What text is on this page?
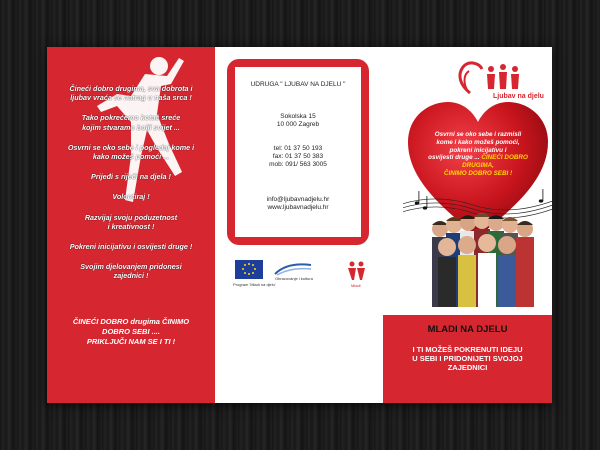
Čineći dobro drugima, sva dobrota i
ljubav vraća se natrag u naša srca !

Tako pokrećemo kotač sreće
kojim stvaramo bolji svijet ...

Osvrni se oko sebe i pogledaj kome i
kako možeš pomoći ...

Prijeđi s riječi na djela !

Volontiraj !

Razvijaj svoju poduzetnost
i kreativnost !

Pokreni inicijativu i osvijesti druge !

Svojim djelovanjem pridonesi
zajednici !

ČINEĆI DOBRO drugima ČINIMO

DOBRO SEBI ....

PRIKLJUČI NAM SE I TI !

UDRUGA " LJUBAV NA DJELU "
Sokolska 15
10 000 Zagreb
tel: 01 37 50 193
fax: 01 37 50 383
mob: 091/ 563 3005
info@ljubavnadjelu.hr
www.ljubavnadjelu.hr
Program 'Mladi na djelu'
Obrazovanje i kultura
Mladi
Ljubav na djelu

Osvrni se oko sebe i razmisli

kome i kako možeš pomoći,

pokreni inicijativu i

osvijesti druge ... ČINEĆI DOBRO

DRUGIMA,

ČINIMO DOBRO SEBI !

MLADI NA DJELU

I TI MOŽEŠ POKRENUTI IDEJU

U SEBI I PRIDONIJETI SVOJOJ

ZAJEDNICI
